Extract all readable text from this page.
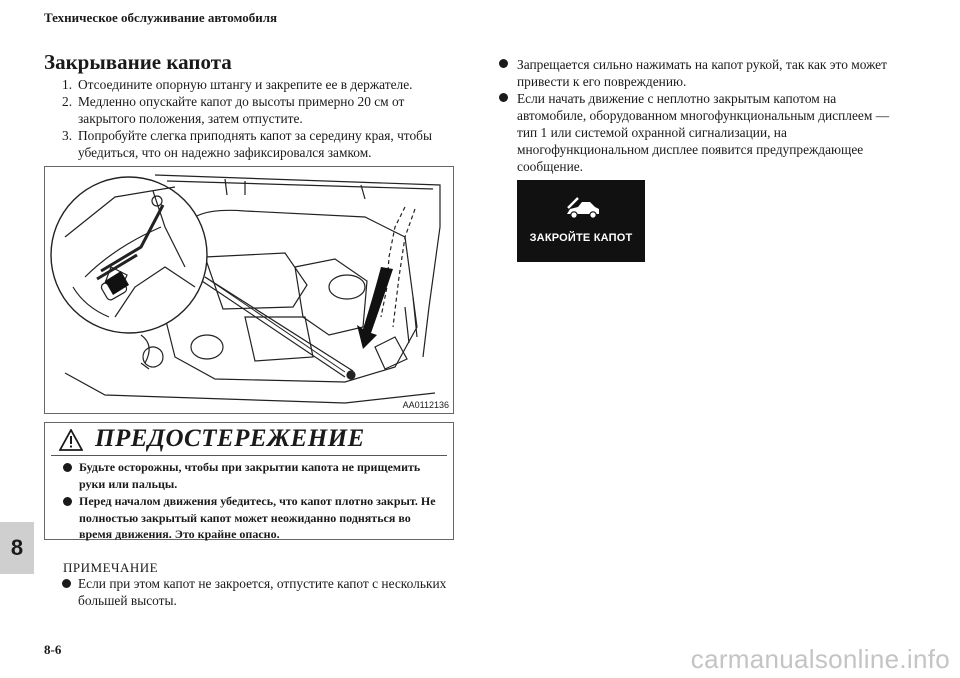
Техническое обслуживание автомобиля
Закрывание капота
1. Отсоедините опорную штангу и закрепите ее в держателе.
2. Медленно опускайте капот до высоты примерно 20 см от закрытого положения, затем отпустите.
3. Попробуйте слегка приподнять капот за середину края, чтобы убедиться, что он надежно зафиксировался замком.
AA0112136
ПРЕДОСТЕРЕЖЕНИЕ
Будьте осторожны, чтобы при закрытии капота не прищемить руки или пальцы.
Перед началом движения убедитесь, что капот плотно закрыт. Не полностью закрытый капот может неожиданно подняться во время движения. Это крайне опасно.
ПРИМЕЧАНИЕ
Если при этом капот не закроется, отпустите капот с нескольких большей высоты.
Запрещается сильно нажимать на капот рукой, так как это может привести к его повреждению.
Если начать движение с неплотно закрытым капотом на автомобиле, оборудованном многофункциональным дисплеем — тип 1 или системой охранной сигнализации, на многофункциональном дисплее появится предупреждающее сообщение.
ЗАКРОЙТЕ КАПОТ
8
8-6	carmanualsonline.info
